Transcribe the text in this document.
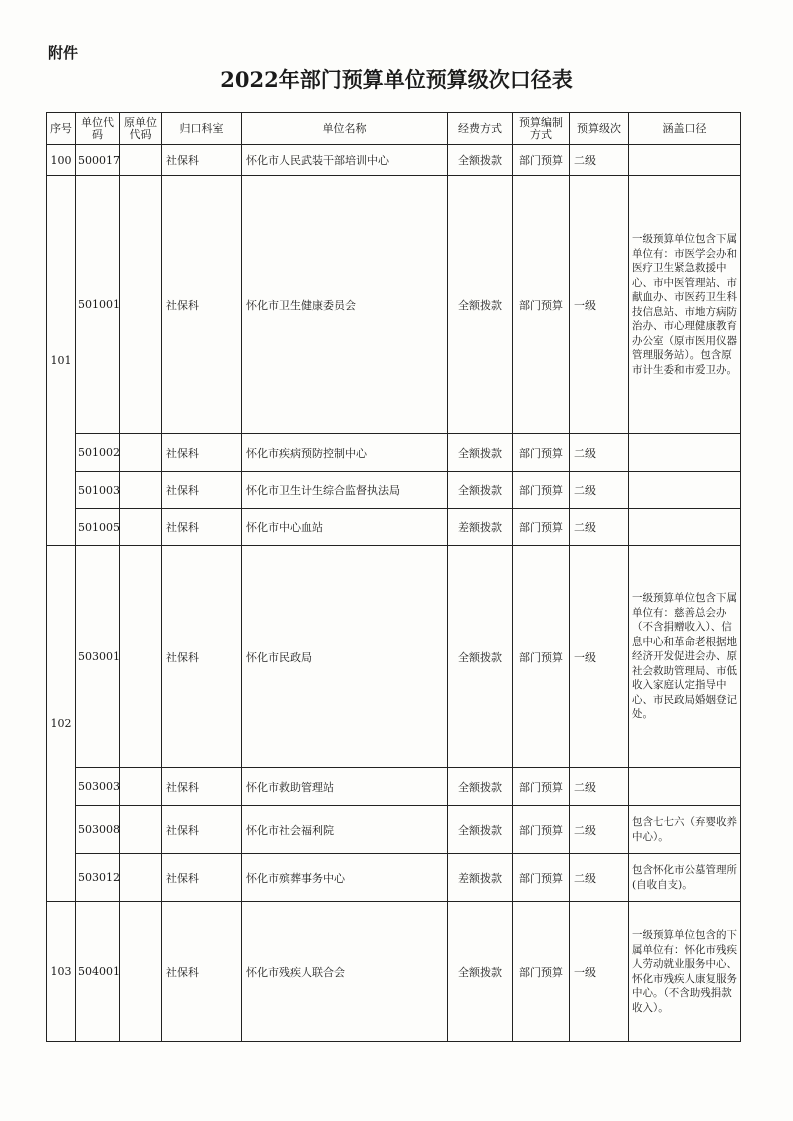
附件
2022年部门预算单位预算级次口径表
序号	单位代码	原单位代码	归口科室	单位名称	经费方式	预算编制方式	预算级次	涵盖口径
100	500017		社保科	怀化市人民武装干部培训中心	全额拨款	部门预算	二级	
101	501001		社保科	怀化市卫生健康委员会	全额拨款	部门预算	一级	一级预算单位包含下属单位有：市医学会办和医疗卫生紧急救援中心、市中医管理站、市献血办、市医药卫生科技信息站、市地方病防治办、市心理健康教育办公室（原市医用仪器管理服务站）。包含原市计生委和市爱卫办。
	501002		社保科	怀化市疾病预防控制中心	全额拨款	部门预算	二级	
	501003		社保科	怀化市卫生计生综合监督执法局	全额拨款	部门预算	二级	
	501005		社保科	怀化市中心血站	差额拨款	部门预算	二级	
102	503001		社保科	怀化市民政局	全额拨款	部门预算	一级	一级预算单位包含下属单位有：慈善总会办（不含捐赠收入）、信息中心和革命老根据地经济开发促进会办、原社会救助管理局、市低收入家庭认定指导中心、市民政局婚姻登记处。
	503003		社保科	怀化市救助管理站	全额拨款	部门预算	二级	
	503008		社保科	怀化市社会福利院	全额拨款	部门预算	二级	包含七七六（弃婴收养中心）。
	503012		社保科	怀化市殡葬事务中心	差额拨款	部门预算	二级	包含怀化市公墓管理所(自收自支)。
103	504001		社保科	怀化市残疾人联合会	全额拨款	部门预算	一级	一级预算单位包含的下属单位有：怀化市残疾人劳动就业服务中心、怀化市残疾人康复服务中心。（不含助残捐款收入）。
